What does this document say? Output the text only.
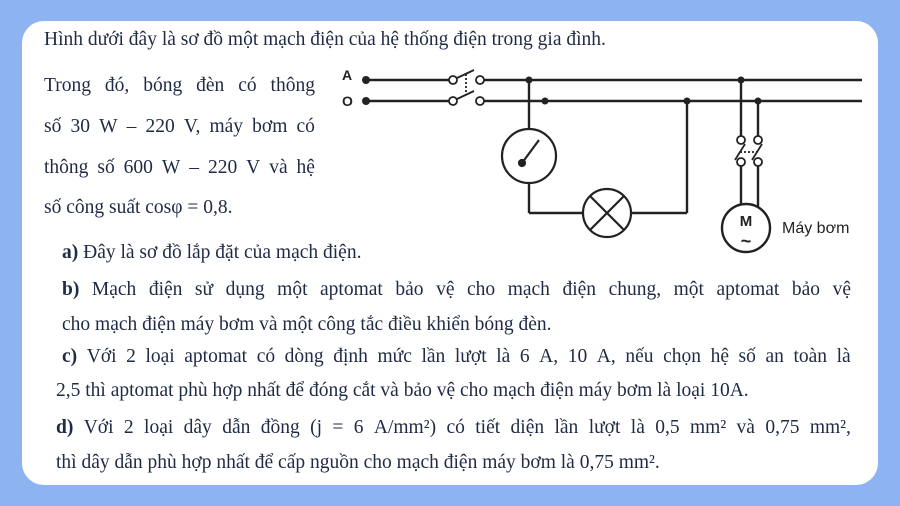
Hình dưới đây là sơ đồ một mạch điện của hệ thống điện trong gia đình.
Trong đó, bóng đèn có thông
số 30 W – 220 V, máy bơm có
thông số 600 W – 220 V và hệ
số công suất cosφ = 0,8.
A
O
M
~
Máy bơm
a) Đây là sơ đồ lắp đặt của mạch điện.
b) Mạch điện sử dụng một aptomat bảo vệ cho mạch điện chung, một aptomat bảo vệ
cho mạch điện máy bơm và một công tắc điều khiển bóng đèn.
c) Với 2 loại aptomat có dòng định mức lần lượt là 6 A, 10 A, nếu chọn hệ số an toàn là
2,5 thì aptomat phù hợp nhất để đóng cắt và bảo vệ cho mạch điện máy bơm là loại 10A.
d) Với 2 loại dây dẫn đồng (j = 6 A/mm²) có tiết diện lần lượt là 0,5 mm² và 0,75 mm²,
thì dây dẫn phù hợp nhất để cấp nguồn cho mạch điện máy bơm là 0,75 mm².
